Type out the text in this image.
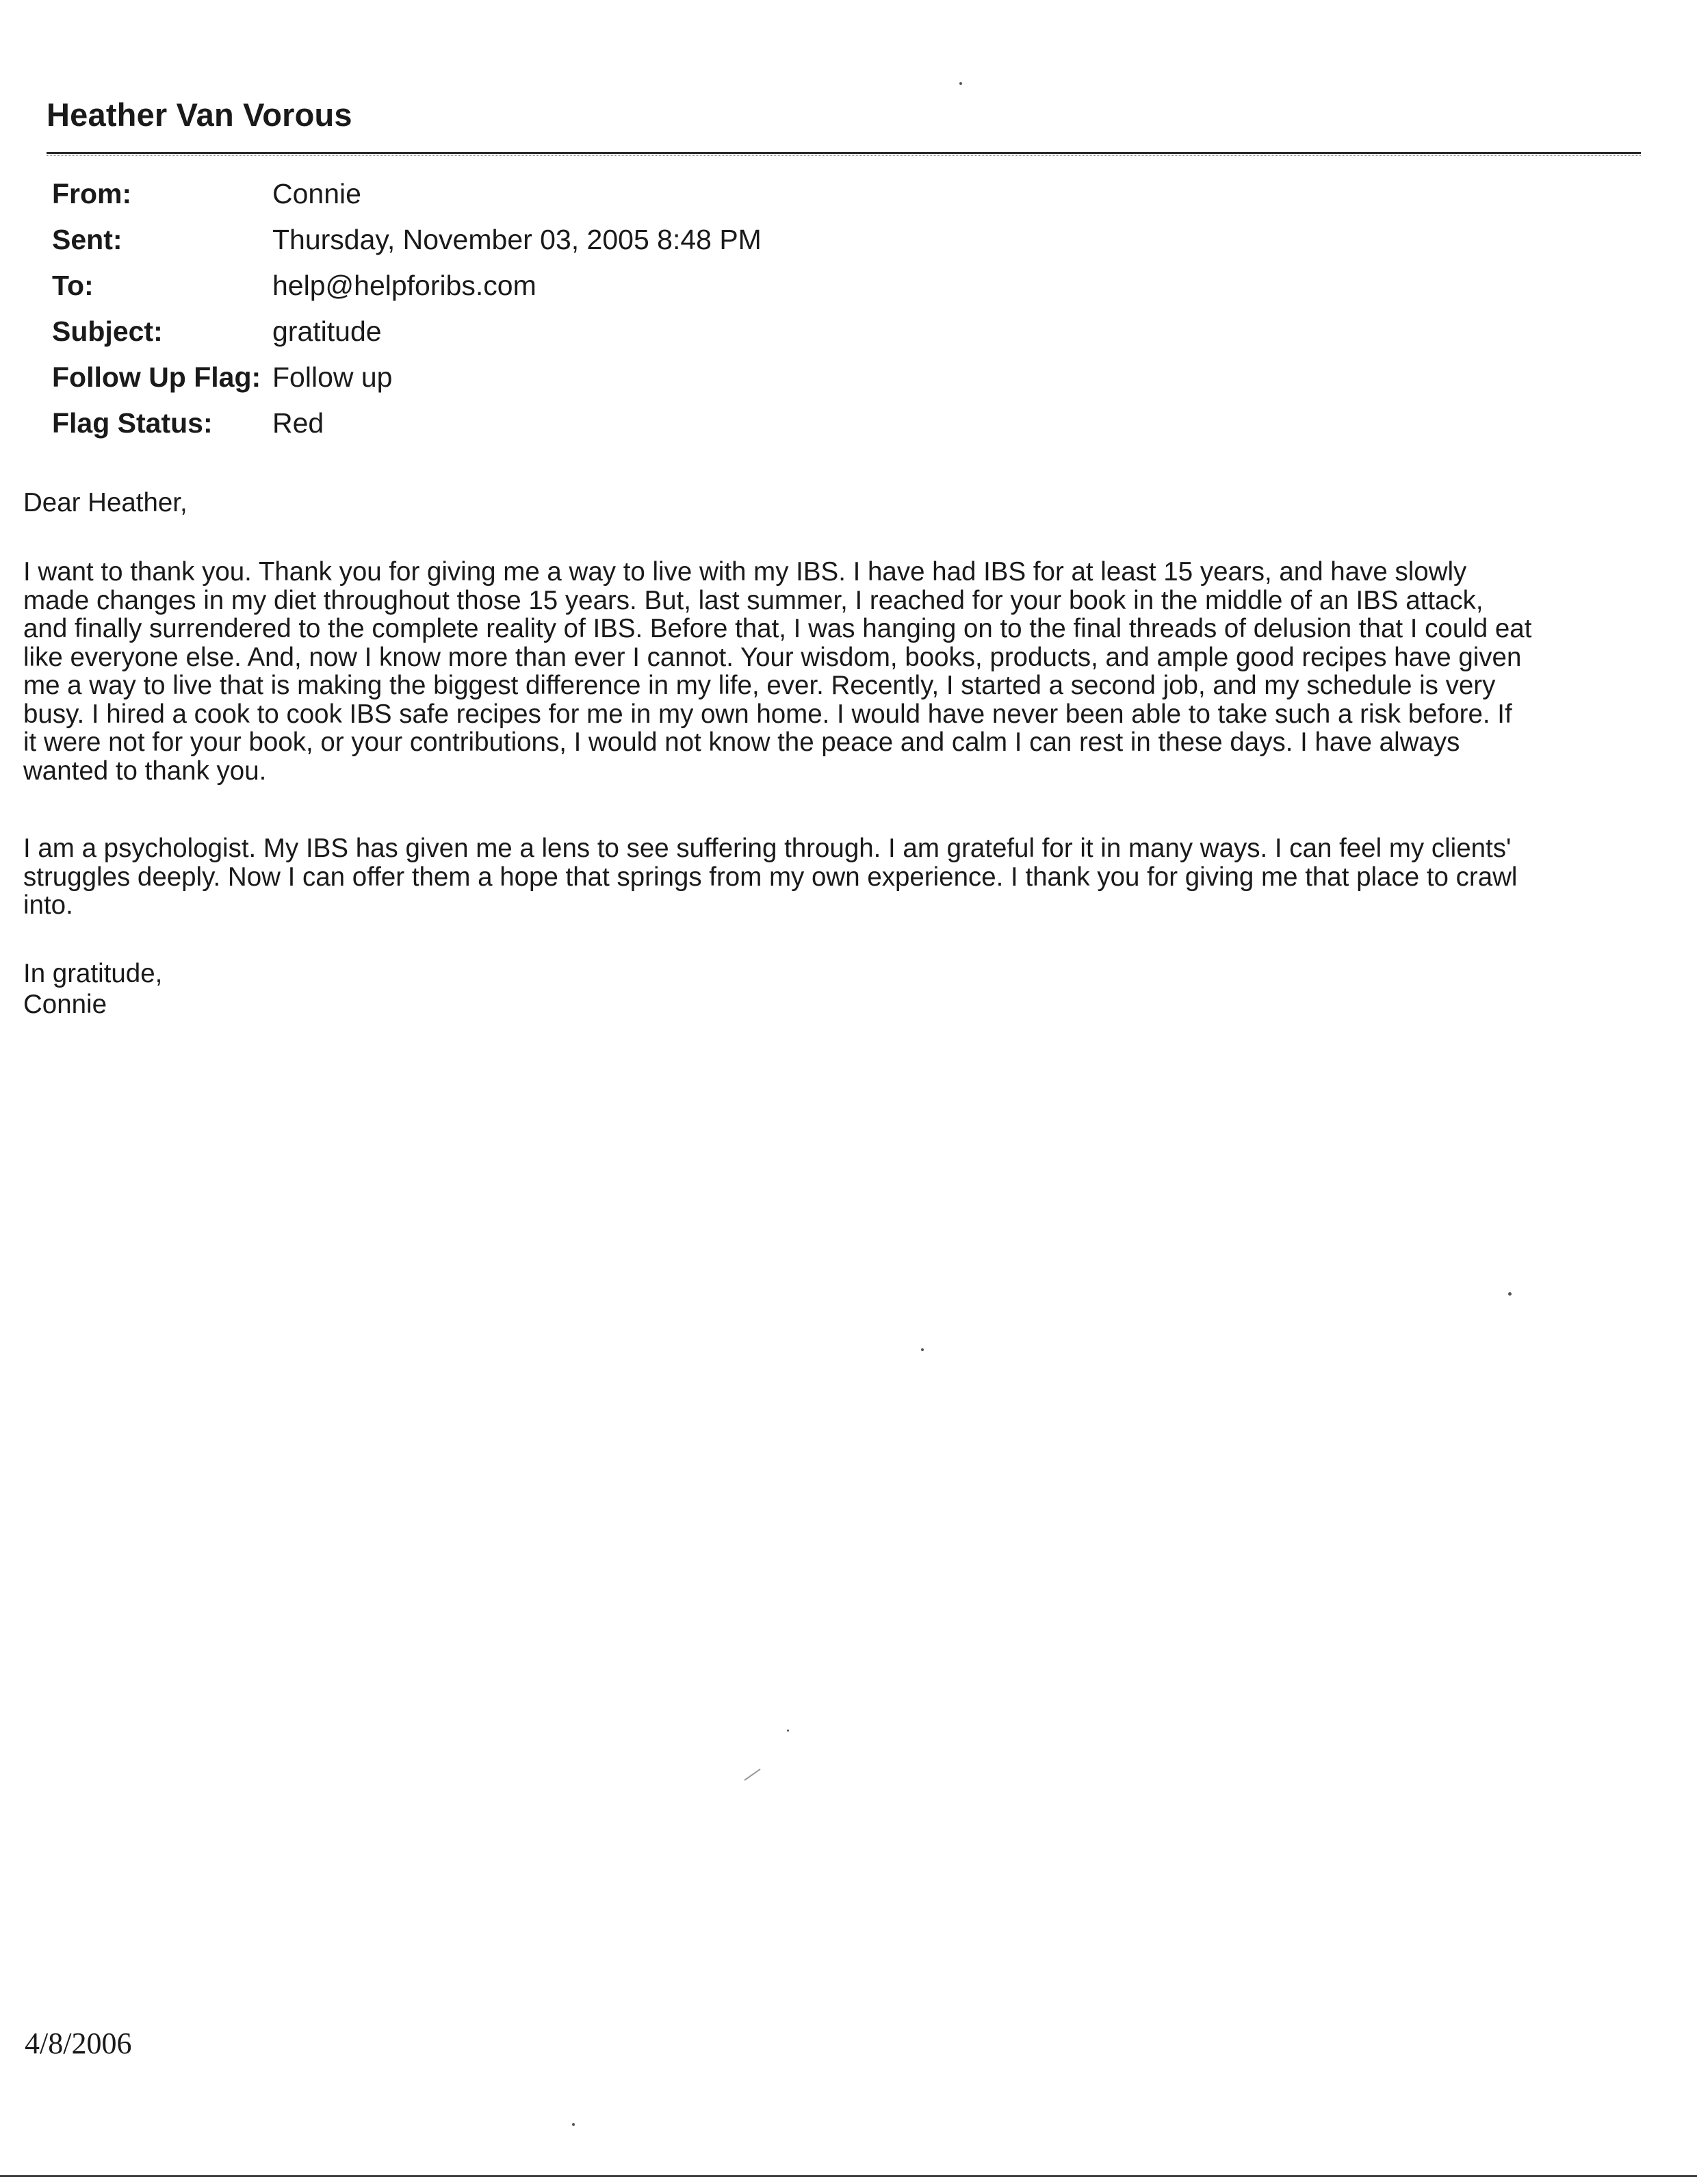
Heather Van Vorous
From:	Connie
Sent:	Thursday, November 03, 2005 8:48 PM
To:	help@helpforibs.com
Subject:	gratitude
Follow Up Flag: Follow up
Flag Status: Red

Dear Heather,

I want to thank you. Thank you for giving me a way to live with my IBS. I have had IBS for at least 15 years, and have slowly
made changes in my diet throughout those 15 years. But, last summer, I reached for your book in the middle of an IBS attack,
and finally surrendered to the complete reality of IBS. Before that, I was hanging on to the final threads of delusion that I could eat
like everyone else. And, now I know more than ever I cannot. Your wisdom, books, products, and ample good recipes have given
me a way to live that is making the biggest difference in my life, ever. Recently, I started a second job, and my schedule is very
busy. I hired a cook to cook IBS safe recipes for me in my own home. I would have never been able to take such a risk before. If
it were not for your book, or your contributions, I would not know the peace and calm I can rest in these days. I have always
wanted to thank you.

I am a psychologist. My IBS has given me a lens to see suffering through. I am grateful for it in many ways. I can feel my clients'
struggles deeply. Now I can offer them a hope that springs from my own experience. I thank you for giving me that place to crawl
into.

In gratitude,

Connie

4/8/2006
